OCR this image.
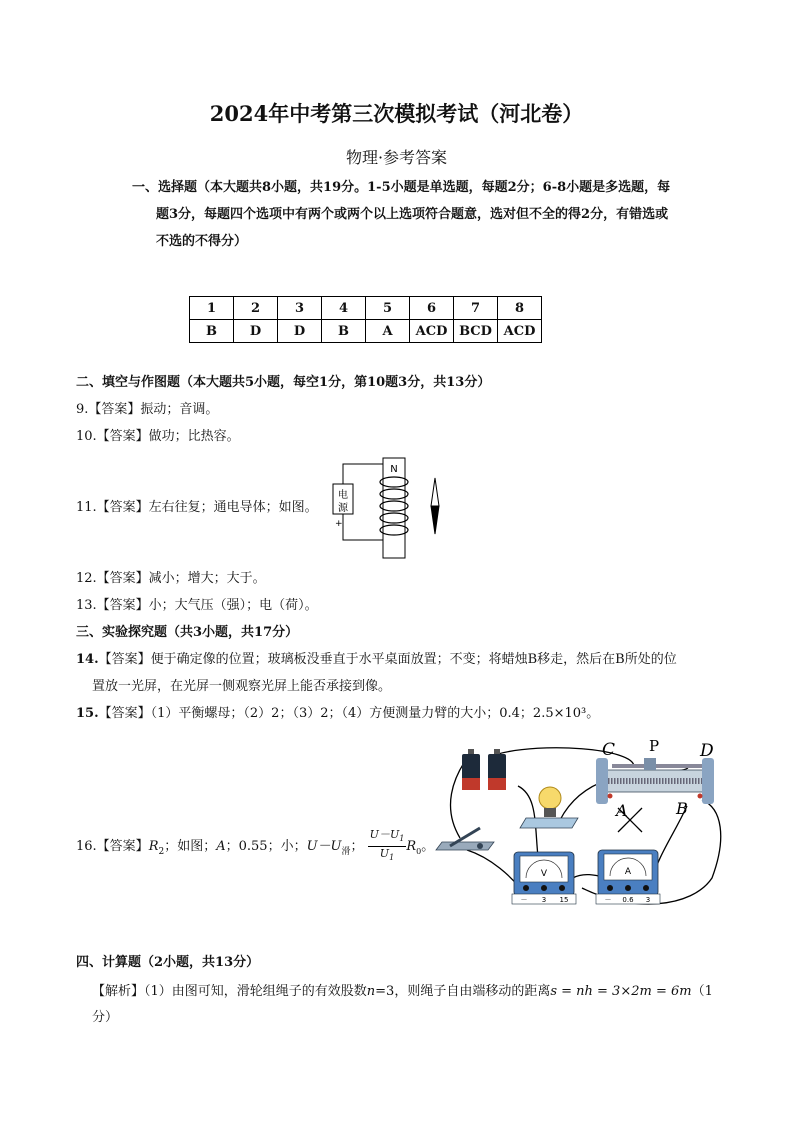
2024年中考第三次模拟考试（河北卷）
物理·参考答案
一、选择题（本大题共8小题，共19分。1-5小题是单选题，每题2分；6-8小题是多选题，每
题3分，每题四个选项中有两个或两个以上选项符合题意，选对但不全的得2分，有错选或
不选的不得分）
1	2	3	4	5	6	7	8
B	D	D	B	A	ACD	BCD	ACD
二、填空与作图题（本大题共5小题，每空1分，第10题3分，共13分）
9.【答案】振动；音调。
10.【答案】做功；比热容。
11.【答案】左右往复；通电导体；如图。
电
源
+
N
12.【答案】减小；增大；大于。
13.【答案】小；大气压（强）；电（荷）。
三、实验探究题（共3小题，共17分）
14.【答案】便于确定像的位置；玻璃板没垂直于水平桌面放置；不变；将蜡烛B移走，然后在B所处的位
置放一光屏，在光屏一侧观察光屏上能否承接到像。
15.【答案】（1）平衡螺母；（2）2；（3）2；（4）方便测量力臂的大小；0.4；2.5×10³。
16.【答案】$R_2$；如图；A；0.55；小；$U-U_滑$； $\frac{U-U_1}{U_1} R_0$。
C P D
A	B
V
－ 3 15
A
－ 0.6 3
四、计算题（2小题，共13分）
【解析】（1）由图可知，滑轮组绳子的有效股数n=3，则绳子自由端移动的距离s = nh = 3×2m = 6m（1
分）
